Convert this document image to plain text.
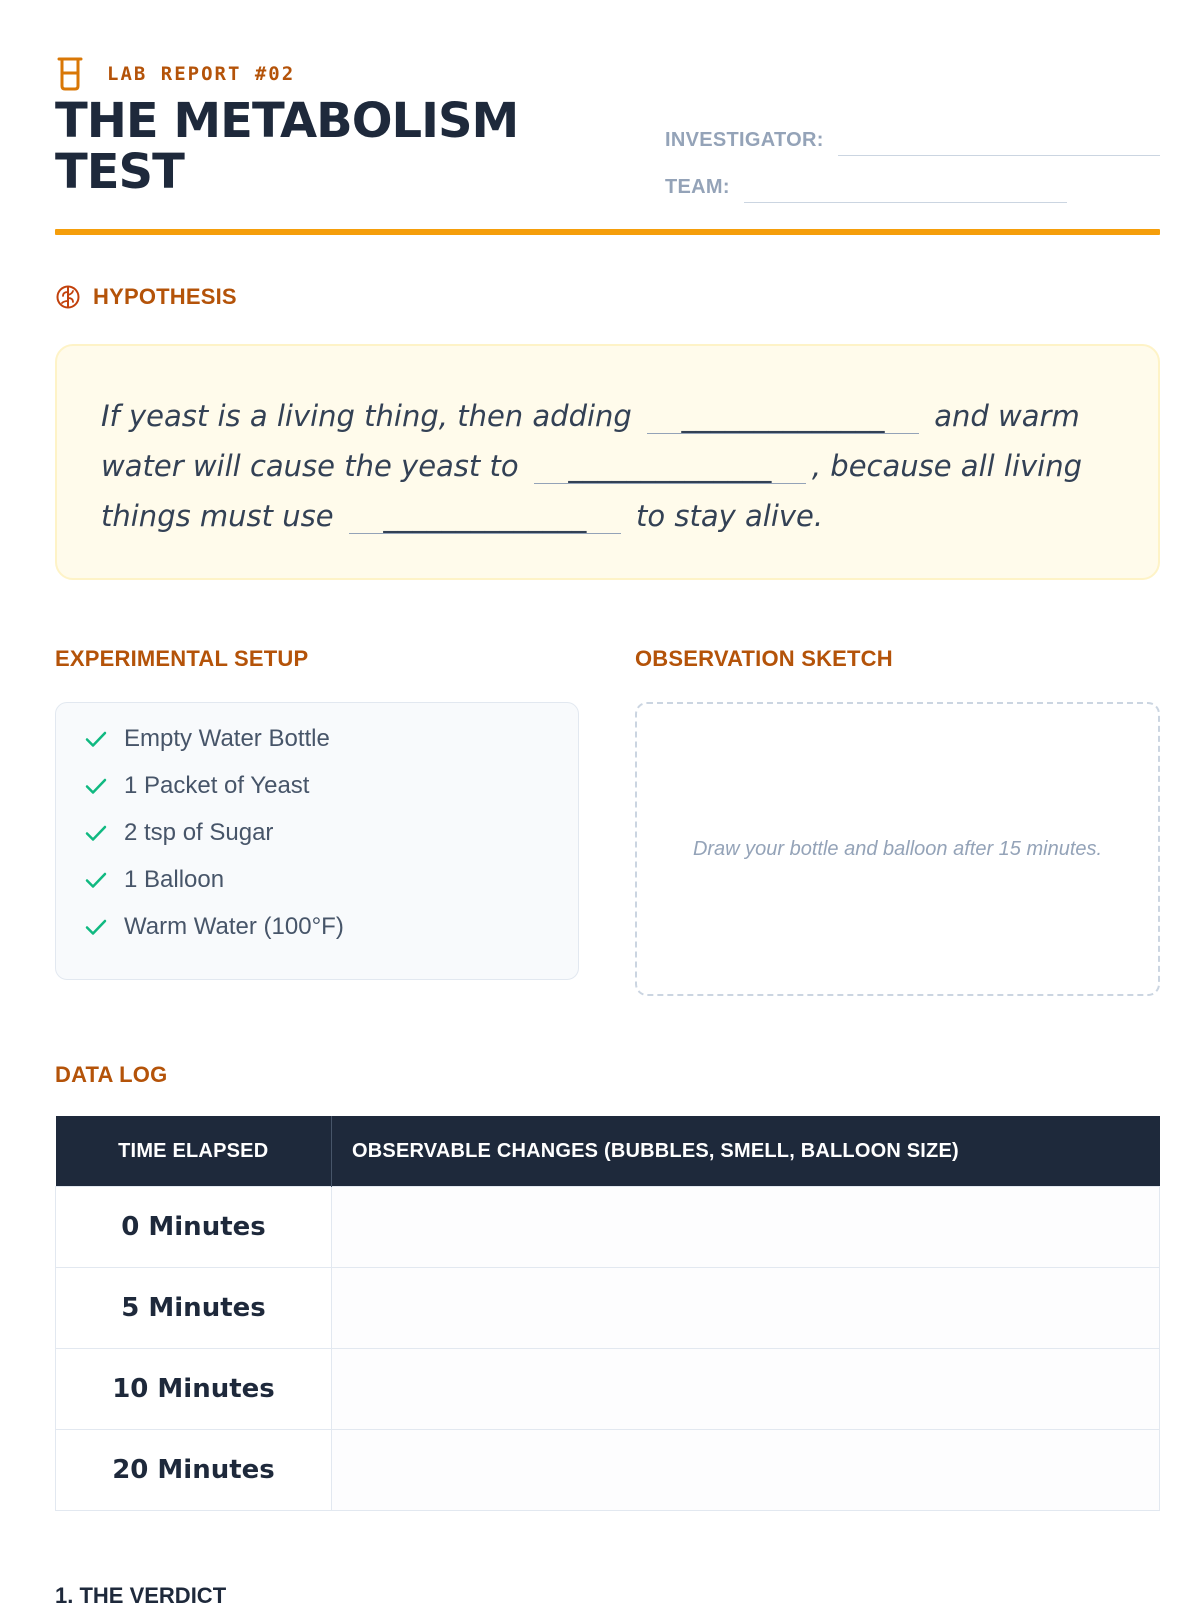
LAB REPORT #02
THE METABOLISM
TEST
INVESTIGATOR:
TEAM:
HYPOTHESIS

If yeast is a living thing, then adding ______________ and warm water will cause the yeast to ______________ , because all living things must use ______________ to stay alive.

EXPERIMENTAL SETUP
Empty Water Bottle
1 Packet of Yeast
2 tsp of Sugar
1 Balloon
Warm Water (100°F)
OBSERVATION SKETCH
Draw your bottle and balloon after 15 minutes.
DATA LOG
TIME ELAPSED	OBSERVABLE CHANGES (BUBBLES, SMELL, BALLOON SIZE)
0 Minutes	
5 Minutes	
10 Minutes	
20 Minutes	
1. THE VERDICT
